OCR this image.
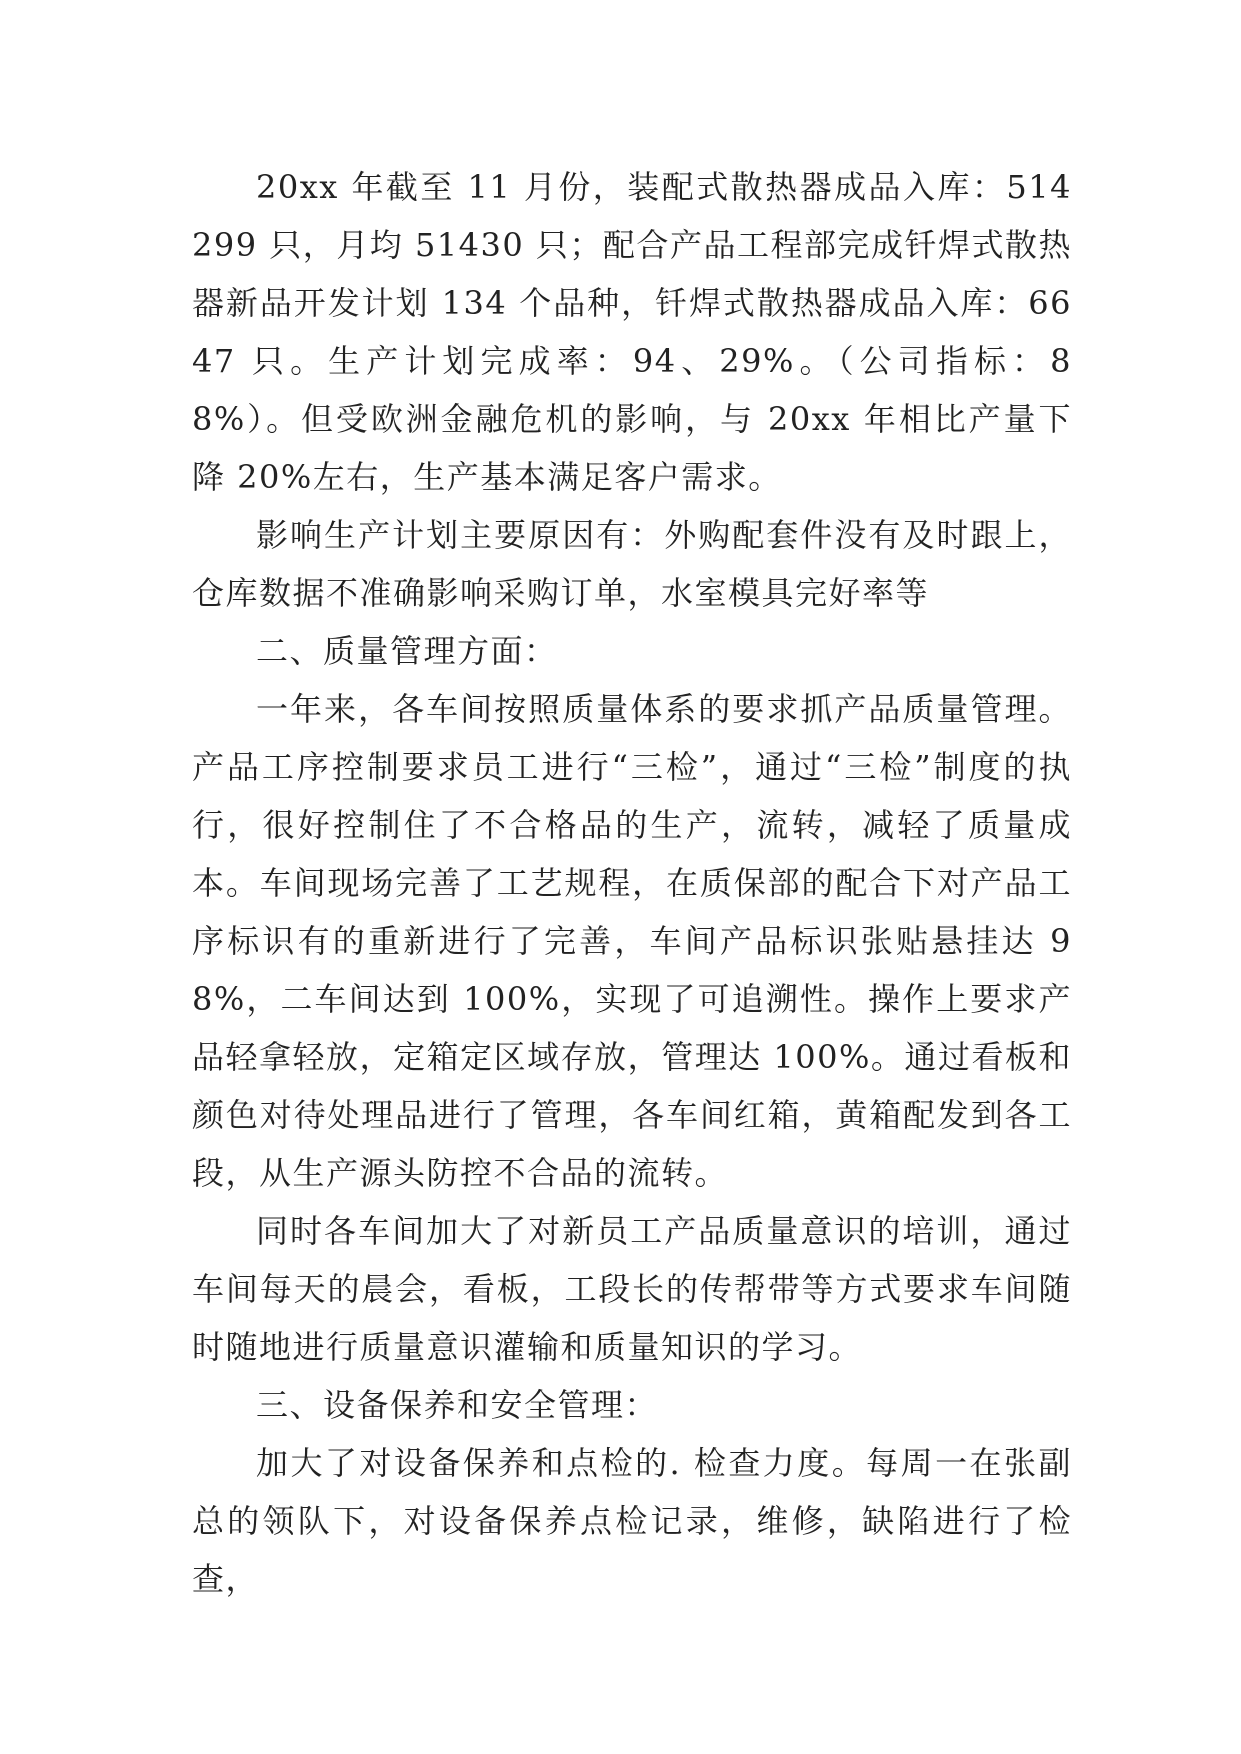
20xx 年截至 11 月份，装配式散热器成品入库：514299 只，月均 51430 只；配合产品工程部完成钎焊式散热器新品开发计划 134 个品种，钎焊式散热器成品入库：6647 只。生产计划完成率：94、29%。（公司指标：88%）。但受欧洲金融危机的影响，与 20xx 年相比产量下降 20%左右，生产基本满足客户需求。

影响生产计划主要原因有：外购配套件没有及时跟上，仓库数据不准确影响采购订单，水室模具完好率等

二、质量管理方面：

一年来，各车间按照质量体系的要求抓产品质量管理。产品工序控制要求员工进行“三检”，通过“三检”制度的执行，很好控制住了不合格品的生产，流转，减轻了质量成本。车间现场完善了工艺规程，在质保部的配合下对产品工序标识有的重新进行了完善，车间产品标识张贴悬挂达 98%，二车间达到 100%，实现了可追溯性。操作上要求产品轻拿轻放，定箱定区域存放，管理达 100%。通过看板和颜色对待处理品进行了管理，各车间红箱，黄箱配发到各工段，从生产源头防控不合品的流转。

同时各车间加大了对新员工产品质量意识的培训，通过车间每天的晨会，看板，工段长的传帮带等方式要求车间随时随地进行质量意识灌输和质量知识的学习。

三、设备保养和安全管理：

加大了对设备保养和点检的. 检查力度。每周一在张副总的领队下，对设备保养点检记录，维修，缺陷进行了检查，
